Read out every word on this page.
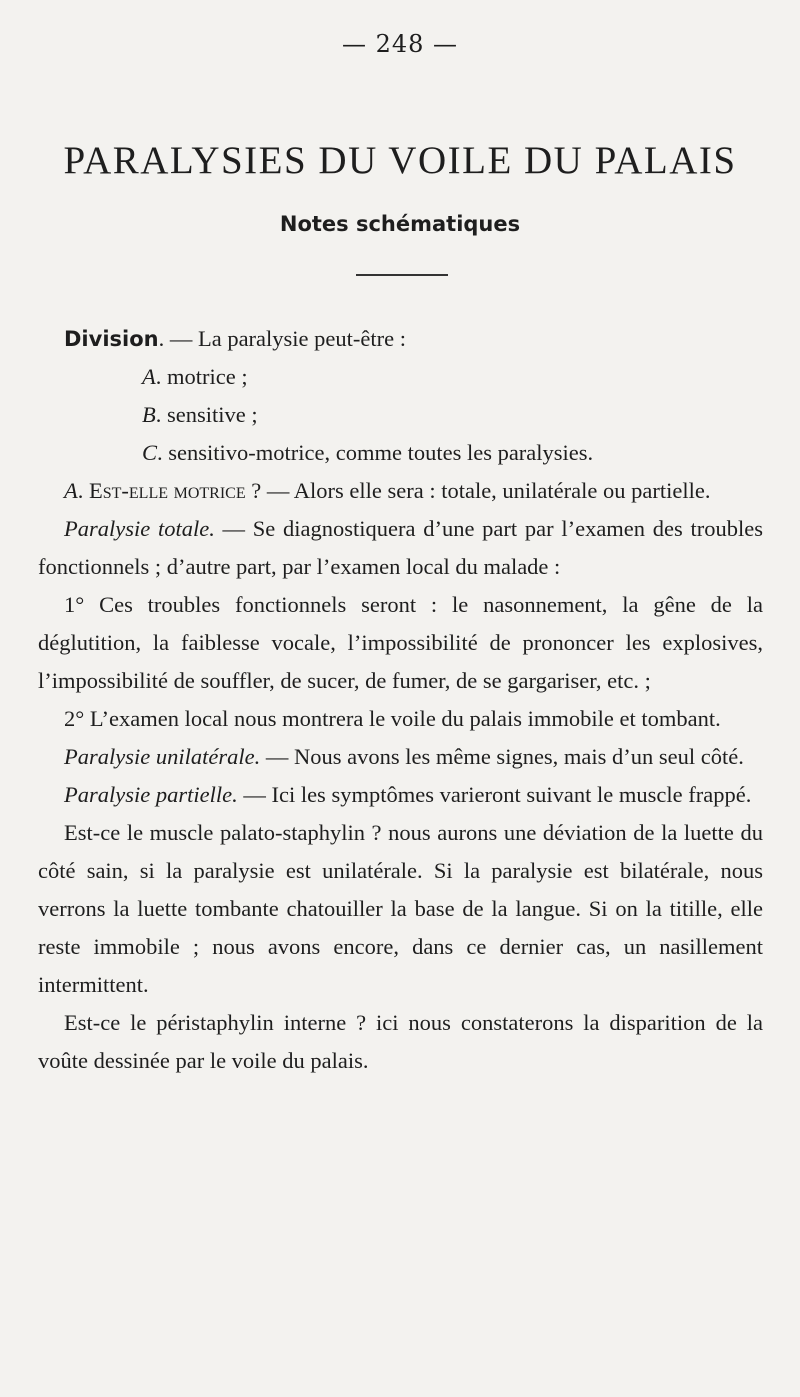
— 248 —
PARALYSIES DU VOILE DU PALAIS
Notes schématiques

Division. — La paralysie peut-être :

A. motrice ;

B. sensitive ;

C. sensitivo-motrice, comme toutes les paralysies.

A. Est-elle motrice ? — Alors elle sera : totale, unilatérale ou partielle.

Paralysie totale. — Se diagnostiquera d’une part par l’examen des troubles fonctionnels ; d’autre part, par l’examen local du malade :

1° Ces troubles fonctionnels seront : le nasonnement, la gêne de la déglutition, la faiblesse vocale, l’impossibilité de prononcer les explosives, l’impossibilité de souffler, de sucer, de fumer, de se gargariser, etc. ;

2° L’examen local nous montrera le voile du palais immobile et tombant.

Paralysie unilatérale. — Nous avons les même signes, mais d’un seul côté.

Paralysie partielle. — Ici les symptômes varieront suivant le muscle frappé.

Est-ce le muscle palato-staphylin ? nous aurons une déviation de la luette du côté sain, si la paralysie est unilatérale. Si la paralysie est bilatérale, nous verrons la luette tombante chatouiller la base de la langue. Si on la titille, elle reste immobile ; nous avons encore, dans ce dernier cas, un nasillement intermittent.

Est-ce le péristaphylin interne ? ici nous constaterons la disparition de la voûte dessinée par le voile du palais.
